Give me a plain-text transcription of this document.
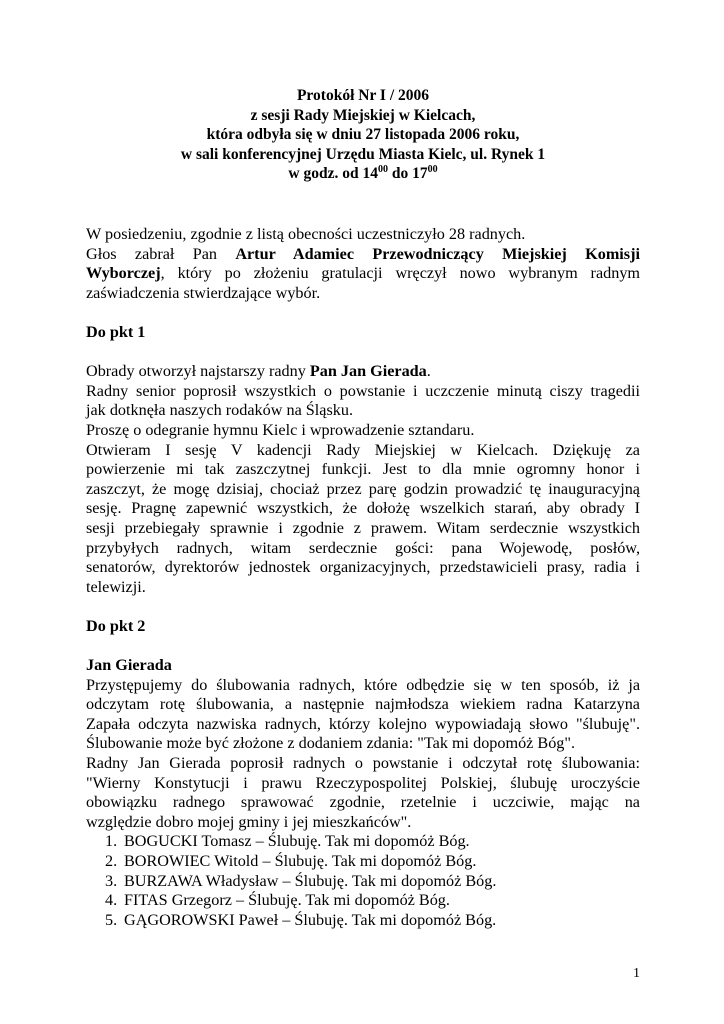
Protokół Nr I / 2006
z sesji Rady Miejskiej w Kielcach,
która odbyła się w dniu 27 listopada 2006 roku,
w sali konferencyjnej Urzędu Miasta Kielc, ul. Rynek 1
w godz. od $14^{00}$ do $17^{00}$
W posiedzeniu, zgodnie z listą obecności uczestniczyło 28 radnych.
Głos zabrał Pan Artur Adamiec Przewodniczący Miejskiej Komisji
Wyborczej, który po złożeniu gratulacji wręczył nowo wybranym radnym
zaświadczenia stwierdzające wybór.
Do pkt 1
Obrady otworzył najstarszy radny Pan Jan Gierada.
Radny senior poprosił wszystkich o powstanie i uczczenie minutą ciszy tragedii
jak dotknęła naszych rodaków na Śląsku.
Proszę o odegranie hymnu Kielc i wprowadzenie sztandaru.
Otwieram I sesję V kadencji Rady Miejskiej w Kielcach. Dziękuję za
powierzenie mi tak zaszczytnej funkcji. Jest to dla mnie ogromny honor i
zaszczyt, że mogę dzisiaj, chociaż przez parę godzin prowadzić tę inauguracyjną
sesję. Pragnę zapewnić wszystkich, że dołożę wszelkich starań, aby obrady I
sesji przebiegały sprawnie i zgodnie z prawem. Witam serdecznie wszystkich
przybyłych radnych, witam serdecznie gości: pana Wojewodę, posłów,
senatorów, dyrektorów jednostek organizacyjnych, przedstawicieli prasy, radia i
telewizji.
Do pkt 2
Jan Gierada
Przystępujemy do ślubowania radnych, które odbędzie się w ten sposób, iż ja
odczytam rotę ślubowania, a następnie najmłodsza wiekiem radna Katarzyna
Zapała odczyta nazwiska radnych, którzy kolejno wypowiadają słowo "ślubuję".
Ślubowanie może być złożone z dodaniem zdania: "Tak mi dopomóż Bóg".
Radny Jan Gierada poprosił radnych o powstanie i odczytał rotę ślubowania:
"Wierny Konstytucji i prawu Rzeczypospolitej Polskiej, ślubuję uroczyście
obowiązku radnego sprawować zgodnie, rzetelnie i uczciwie, mając na
względzie dobro mojej gminy i jej mieszkańców".
1. BOGUCKI Tomasz – Ślubuję. Tak mi dopomóż Bóg.
2. BOROWIEC Witold – Ślubuję. Tak mi dopomóż Bóg.
3. BURZAWA Władysław – Ślubuję. Tak mi dopomóż Bóg.
4. FITAS Grzegorz – Ślubuję. Tak mi dopomóż Bóg.
5. GĄGOROWSKI Paweł – Ślubuję. Tak mi dopomóż Bóg.
1
